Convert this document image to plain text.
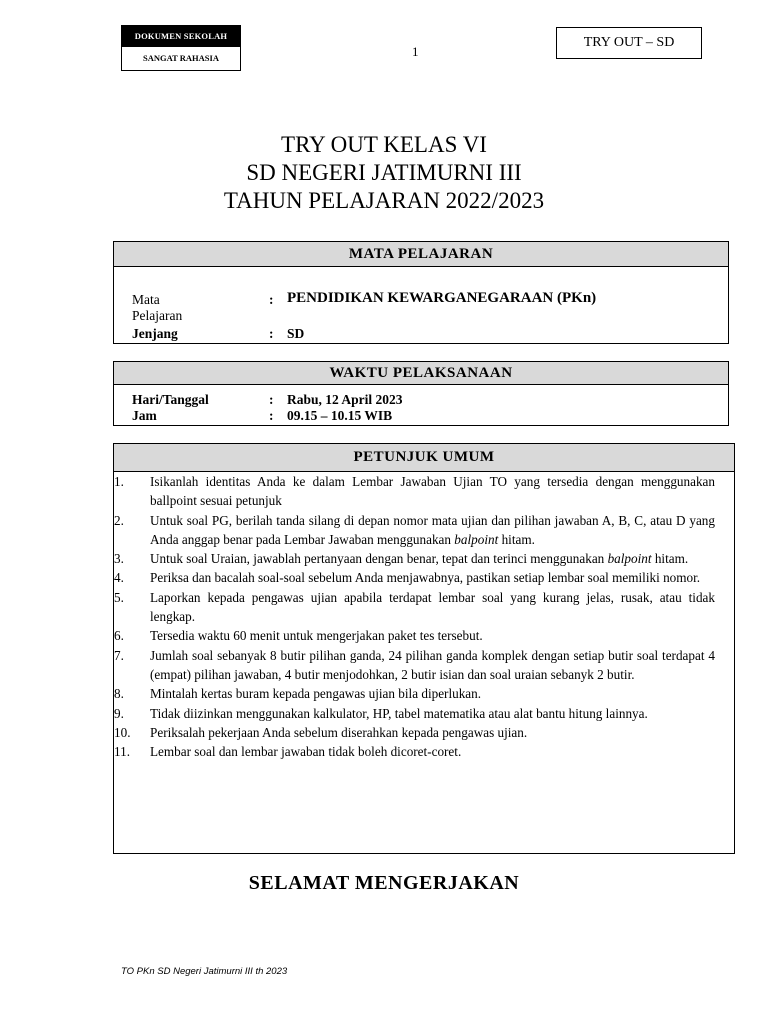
DOKUMEN SEKOLAH
SANGAT RAHASIA	1
TRY OUT – SD
TRY OUT KELAS VI
SD NEGERI JATIMURNI III
TAHUN PELAJARAN 2022/2023
MATA PELAJARAN
Mata Pelajaran
: PENDIDIKAN KEWARGANEGARAAN (PKn)
Jenjang	: SD
WAKTU PELAKSANAAN
Hari/Tanggal	: Rabu, 12 April 2023
Jam	: 09.15 – 10.15 WIB
PETUNJUK UMUM
1.	Isikanlah identitas Anda ke dalam Lembar Jawaban Ujian TO yang tersedia dengan menggunakan ballpoint sesuai petunjuk
2.	Untuk soal PG, berilah tanda silang di depan nomor mata ujian dan pilihan jawaban A, B, C, atau D yang Anda anggap benar pada Lembar Jawaban menggunakan balpoint hitam.
3.	Untuk soal Uraian, jawablah pertanyaan dengan benar, tepat dan terinci menggunakan balpoint hitam.
4.	Periksa dan bacalah soal-soal sebelum Anda menjawabnya, pastikan setiap lembar soal memiliki nomor.
5.	Laporkan kepada pengawas ujian apabila terdapat lembar soal yang kurang jelas, rusak, atau tidak lengkap.
6.	Tersedia waktu 60 menit untuk mengerjakan paket tes tersebut.
7.	Jumlah soal sebanyak 8 butir pilihan ganda, 24 pilihan ganda komplek dengan setiap butir soal terdapat 4 (empat) pilihan jawaban, 4 butir menjodohkan, 2 butir isian dan soal uraian sebanyk 2 butir.
8.	Mintalah kertas buram kepada pengawas ujian bila diperlukan.
9.	Tidak diizinkan menggunakan kalkulator, HP, tabel matematika atau alat bantu hitung lainnya.
10.	Periksalah pekerjaan Anda sebelum diserahkan kepada pengawas ujian.
11.	Lembar soal dan lembar jawaban tidak boleh dicoret-coret.
SELAMAT MENGERJAKAN
TO PKn SD Negeri Jatimurni III th 2023
